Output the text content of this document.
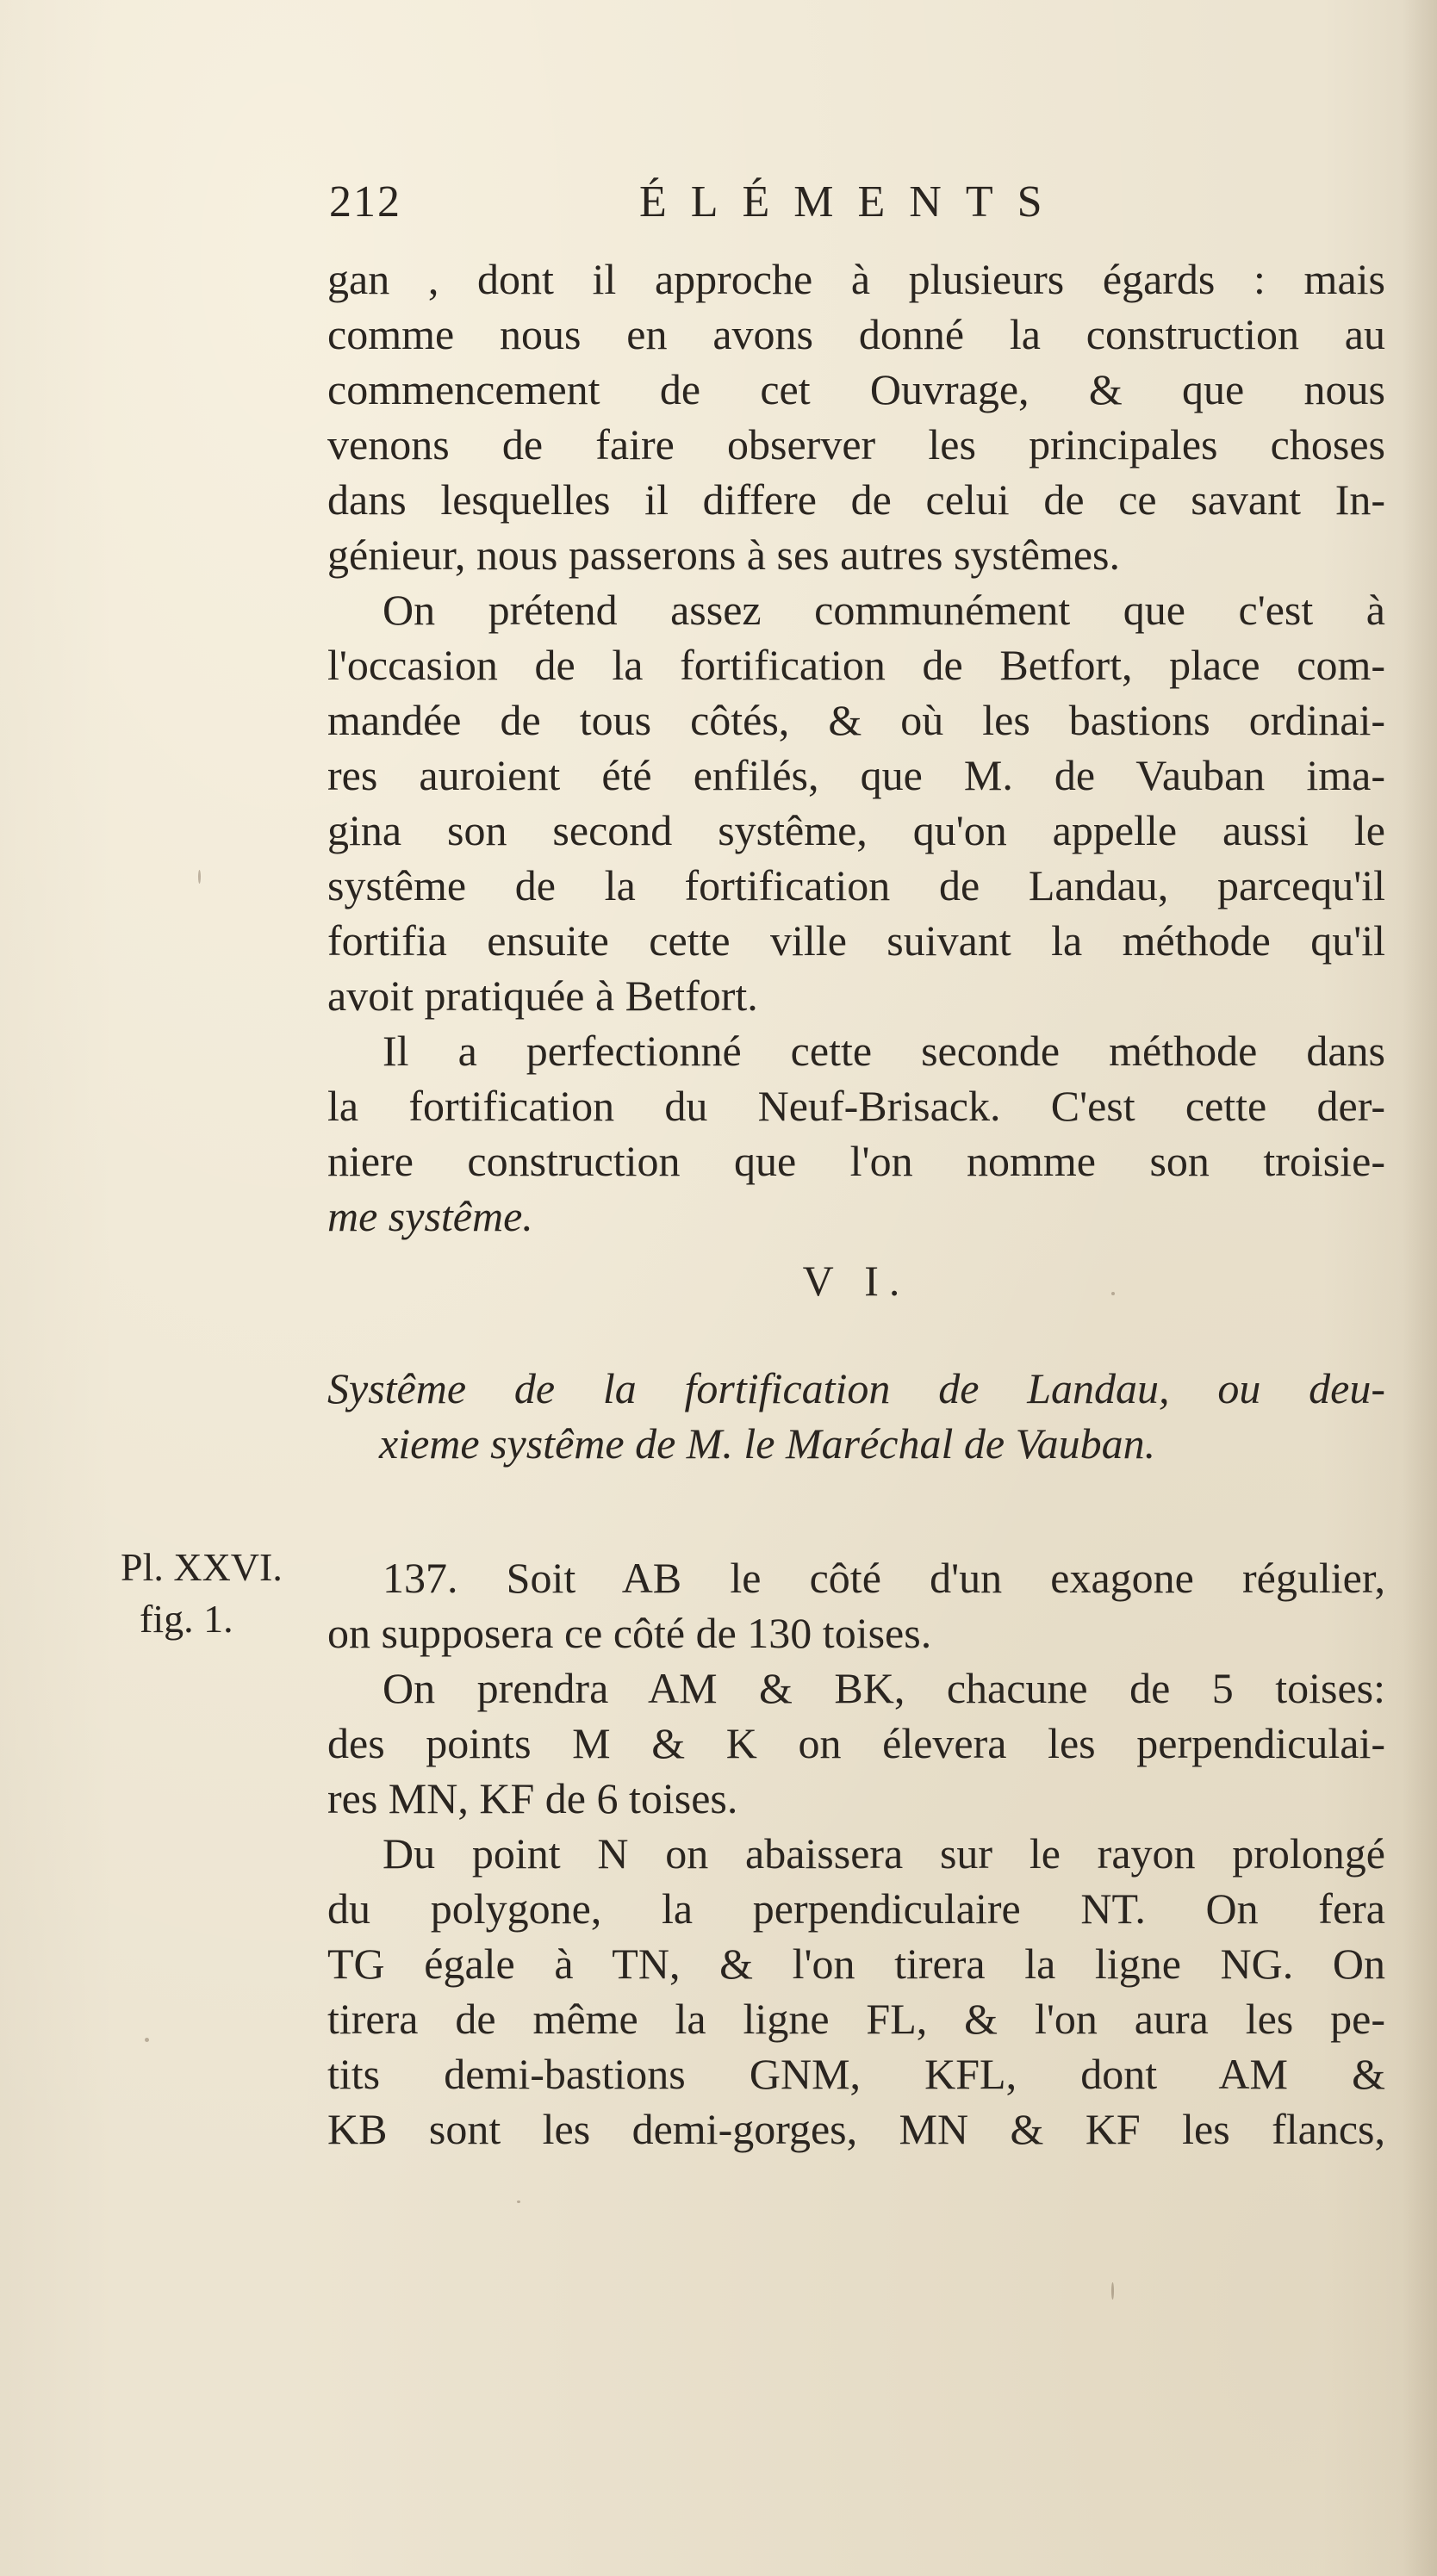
212	ÉLÉMENTS
gan , dont il approche à plusieurs égards : mais
comme nous en avons donné la construction au
commencement de cet Ouvrage, & que nous
venons de faire observer les principales choses
dans lesquelles il differe de celui de ce savant In-
génieur, nous passerons à ses autres systêmes.
On prétend assez communément que c'est à
l'occasion de la fortification de Betfort, place com-
mandée de tous côtés, & où les bastions ordinai-
res auroient été enfilés, que M. de Vauban ima-
gina son second systême, qu'on appelle aussi le
systême de la fortification de Landau, parcequ'il
fortifia ensuite cette ville suivant la méthode qu'il
avoit pratiquée à Betfort.
Il a perfectionné cette seconde méthode dans
la fortification du Neuf-Brisack. C'est cette der-
niere construction que l'on nomme son troisie-
me systême.
V I.
Systême de la fortification de Landau, ou deu-
xieme systême de M. le Maréchal de Vauban.
Pl. XXVI.
fig. 1.
137. Soit AB le côté d'un exagone régulier,
on supposera ce côté de 130 toises.
On prendra AM & BK, chacune de 5 toises:
des points M & K on élevera les perpendiculai-
res MN, KF de 6 toises.
Du point N on abaissera sur le rayon prolongé
du polygone, la perpendiculaire NT. On fera
TG égale à TN, & l'on tirera la ligne NG. On
tirera de même la ligne FL, & l'on aura les pe-
tits demi-bastions GNM, KFL, dont AM &
KB sont les demi-gorges, MN & KF les flancs,
